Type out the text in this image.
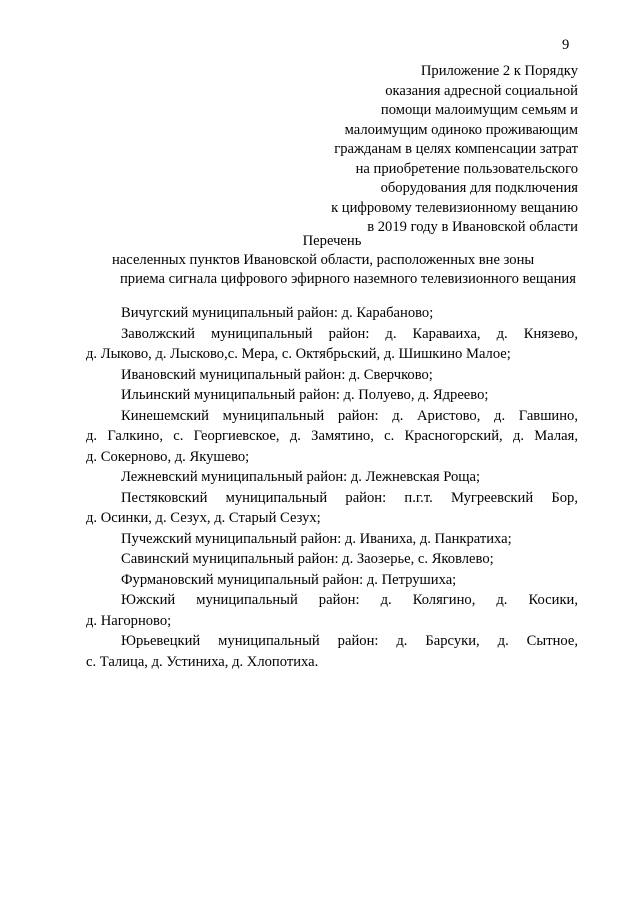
9
Приложение 2 к Порядку
оказания адресной социальной
помощи малоимущим семьям и
малоимущим одиноко проживающим
гражданам в целях компенсации затрат
на приобретение пользовательского
оборудования для подключения
к цифровому телевизионному вещанию
в 2019 году в Ивановской области
Перечень
населенных пунктов Ивановской области, расположенных вне зоны
приема сигнала цифрового эфирного наземного телевизионного вещания
Вичугский муниципальный район: д. Карабаново;
Заволжский муниципальный район: д. Караваиха, д. Князево,
д. Лыково, д. Лысково,с. Мера, с. Октябрьский, д. Шишкино Малое;
Ивановский муниципальный район: д. Сверчково;
Ильинский муниципальный район: д. Полуево, д. Ядреево;
Кинешемский муниципальный район: д. Аристово, д. Гавшино,
д. Галкино, с. Георгиевское, д. Замятино, с. Красногорский, д. Малая,
д. Сокерново, д. Якушево;
Лежневский муниципальный район: д. Лежневская Роща;
Пестяковский муниципальный район: п.г.т. Мугреевский Бор,
д. Осинки, д. Сезух, д. Старый Сезух;
Пучежский муниципальный район: д. Иваниха, д. Панкратиха;
Савинский муниципальный район: д. Заозерье, с. Яковлево;
Фурмановский муниципальный район: д. Петрушиха;
Южский муниципальный район: д. Колягино, д. Косики,
д. Нагорново;
Юрьевецкий муниципальный район: д. Барсуки, д. Сытное,
с. Талица, д. Устиниха, д. Хлопотиха.
